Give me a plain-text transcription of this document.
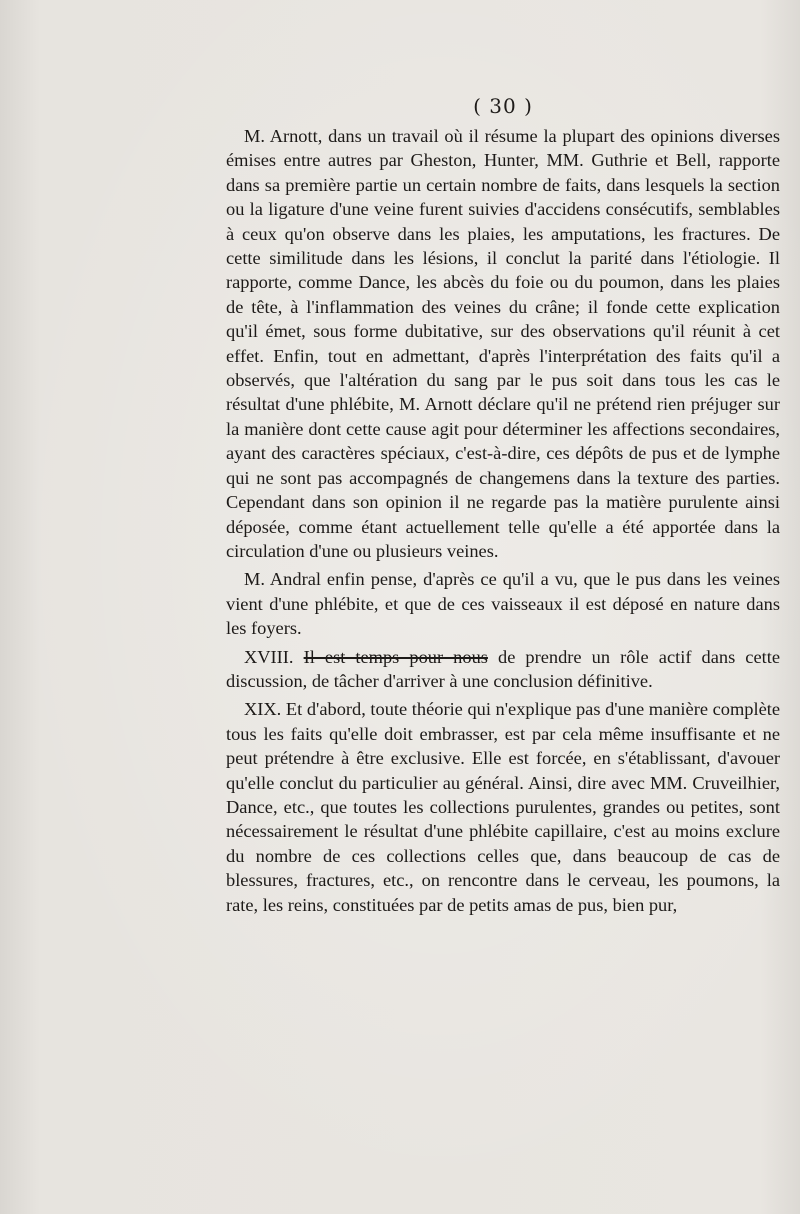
( 30 )

M. Arnott, dans un travail où il résume la plupart des opinions diverses émises entre autres par Gheston, Hunter, MM. Guthrie et Bell, rapporte dans sa première partie un certain nombre de faits, dans lesquels la section ou la ligature d'une veine furent suivies d'accidens consécutifs, semblables à ceux qu'on observe dans les plaies, les amputations, les fractures. De cette similitude dans les lésions, il conclut la parité dans l'étiologie. Il rapporte, comme Dance, les abcès du foie ou du poumon, dans les plaies de tête, à l'inflammation des veines du crâne; il fonde cette explication qu'il émet, sous forme dubitative, sur des observations qu'il réunit à cet effet. Enfin, tout en admettant, d'après l'interprétation des faits qu'il a observés, que l'altération du sang par le pus soit dans tous les cas le résultat d'une phlébite, M. Arnott déclare qu'il ne prétend rien préjuger sur la manière dont cette cause agit pour déterminer les affections secondaires, ayant des caractères spéciaux, c'est-à-dire, ces dépôts de pus et de lymphe qui ne sont pas accompagnés de changemens dans la texture des parties. Cependant dans son opinion il ne regarde pas la matière purulente ainsi déposée, comme étant actuellement telle qu'elle a été apportée dans la circulation d'une ou plusieurs veines.

M. Andral enfin pense, d'après ce qu'il a vu, que le pus dans les veines vient d'une phlébite, et que de ces vaisseaux il est déposé en nature dans les foyers.

XVIII. Il est temps pour nous de prendre un rôle actif dans cette discussion, de tâcher d'arriver à une conclusion définitive.

XIX. Et d'abord, toute théorie qui n'explique pas d'une manière complète tous les faits qu'elle doit embrasser, est par cela même insuffisante et ne peut prétendre à être exclusive. Elle est forcée, en s'établissant, d'avouer qu'elle conclut du particulier au général. Ainsi, dire avec MM. Cruveilhier, Dance, etc., que toutes les collections purulentes, grandes ou petites, sont nécessairement le résultat d'une phlébite capillaire, c'est au moins exclure du nombre de ces collections celles que, dans beaucoup de cas de blessures, fractures, etc., on rencontre dans le cerveau, les poumons, la rate, les reins, constituées par de petits amas de pus, bien pur,
